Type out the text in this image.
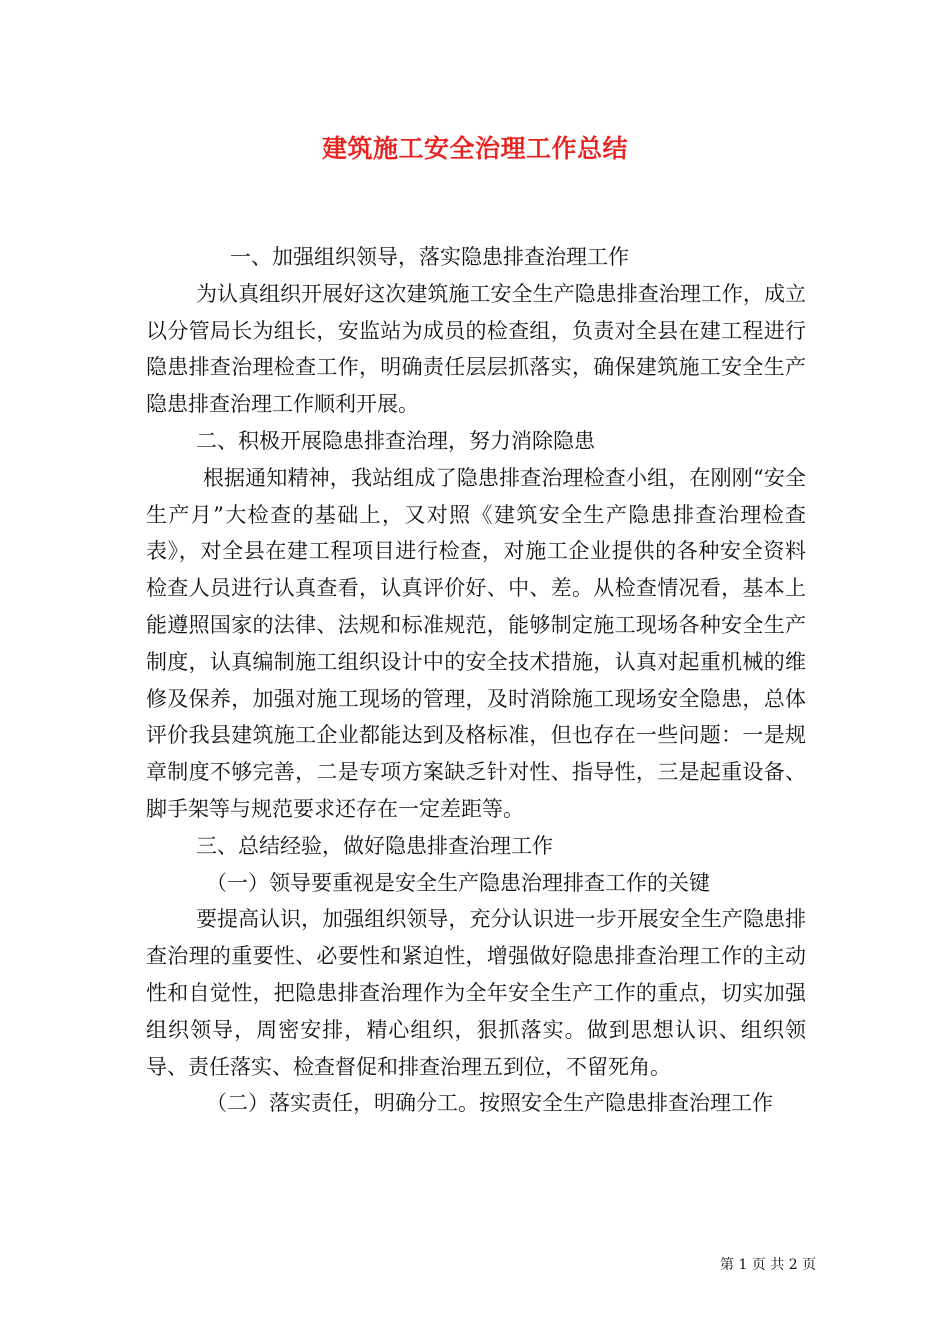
建筑施工安全治理工作总结

一、加强组织领导，落实隐患排查治理工作

为认真组织开展好这次建筑施工安全生产隐患排查治理工作，成立以分管局长为组长，安监站为成员的检查组，负责对全县在建工程进行隐患排查治理检查工作，明确责任层层抓落实，确保建筑施工安全生产隐患排查治理工作顺利开展。

二、积极开展隐患排查治理，努力消除隐患

根据通知精神，我站组成了隐患排查治理检查小组，在刚刚“安全生产月”大检查的基础上，又对照《建筑安全生产隐患排查治理检查表》，对全县在建工程项目进行检查，对施工企业提供的各种安全资料检查人员进行认真查看，认真评价好、中、差。从检查情况看，基本上能遵照国家的法律、法规和标准规范，能够制定施工现场各种安全生产制度，认真编制施工组织设计中的安全技术措施，认真对起重机械的维修及保养，加强对施工现场的管理，及时消除施工现场安全隐患，总体评价我县建筑施工企业都能达到及格标准，但也存在一些问题：一是规章制度不够完善，二是专项方案缺乏针对性、指导性，三是起重设备、脚手架等与规范要求还存在一定差距等。

三、总结经验，做好隐患排查治理工作

（一）领导要重视是安全生产隐患治理排查工作的关键

要提高认识，加强组织领导，充分认识进一步开展安全生产隐患排查治理的重要性、必要性和紧迫性，增强做好隐患排查治理工作的主动性和自觉性，把隐患排查治理作为全年安全生产工作的重点，切实加强组织领导，周密安排，精心组织，狠抓落实。做到思想认识、组织领导、责任落实、检查督促和排查治理五到位，不留死角。

（二）落实责任，明确分工。按照安全生产隐患排查治理工作

第 1 页 共 2 页
